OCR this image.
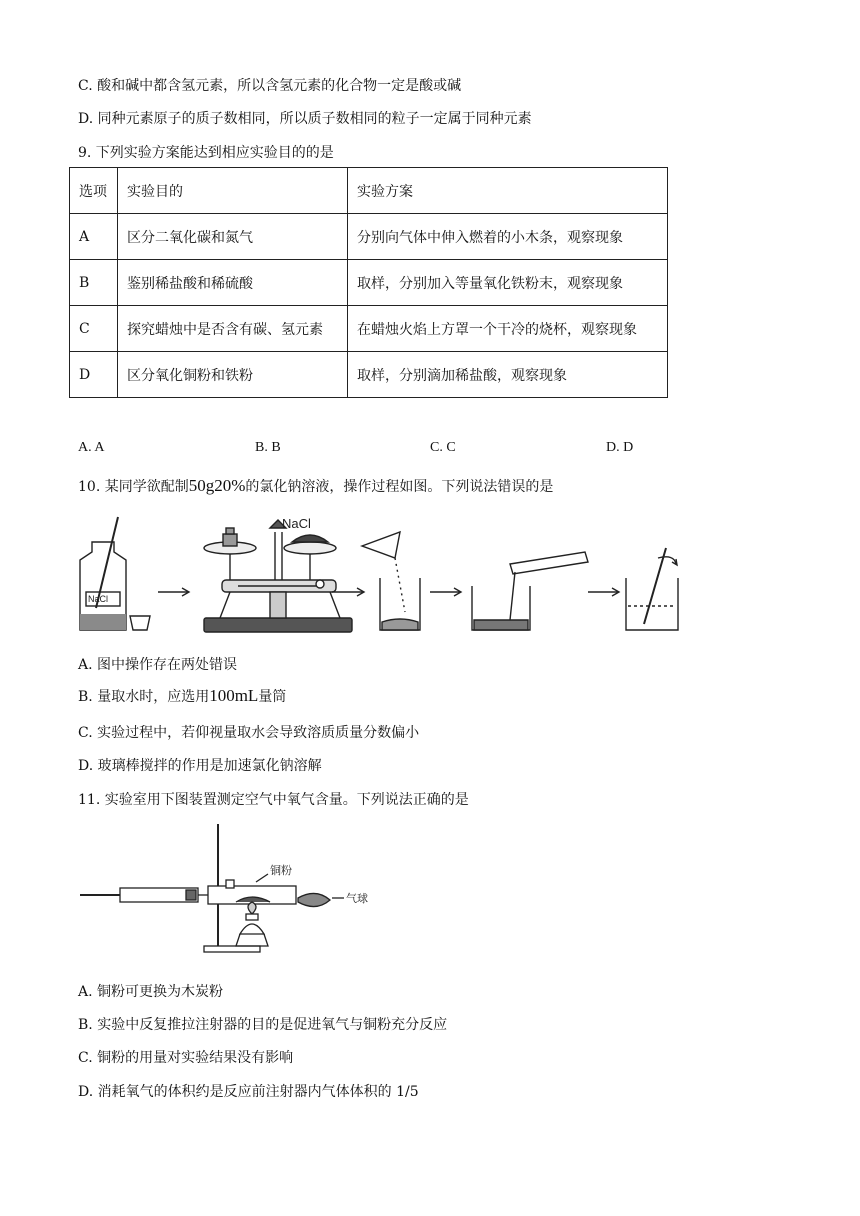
C. 酸和碱中都含氢元素，所以含氢元素的化合物一定是酸或碱
D. 同种元素原子的质子数相同，所以质子数相同的粒子一定属于同种元素
9. 下列实验方案能达到相应实验目的的是
选项	实验目的	实验方案
A	区分二氧化碳和氮气	分别向气体中伸入燃着的小木条，观察现象
B	鉴别稀盐酸和稀硫酸	取样，分别加入等量氧化铁粉末，观察现象
C	探究蜡烛中是否含有碳、氢元素	在蜡烛火焰上方罩一个干冷的烧杯，观察现象
D	区分氧化铜粉和铁粉	取样，分别滴加稀盐酸，观察现象
A. A	B. B	C. C	D. D
10. 某同学欲配制50g20%的氯化钠溶液，操作过程如图。下列说法错误的是
NaCl
NaCl
A. 图中操作存在两处错误
B. 量取水时，应选用100mL量筒
C. 实验过程中，若仰视量取水会导致溶质质量分数偏小
D. 玻璃棒搅拌的作用是加速氯化钠溶解
11. 实验室用下图装置测定空气中氧气含量。下列说法正确的是
铜粉
气球
A. 铜粉可更换为木炭粉
B. 实验中反复推拉注射器的目的是促进氧气与铜粉充分反应
C. 铜粉的用量对实验结果没有影响
D. 消耗氧气的体积约是反应前注射器内气体体积的 1/5
